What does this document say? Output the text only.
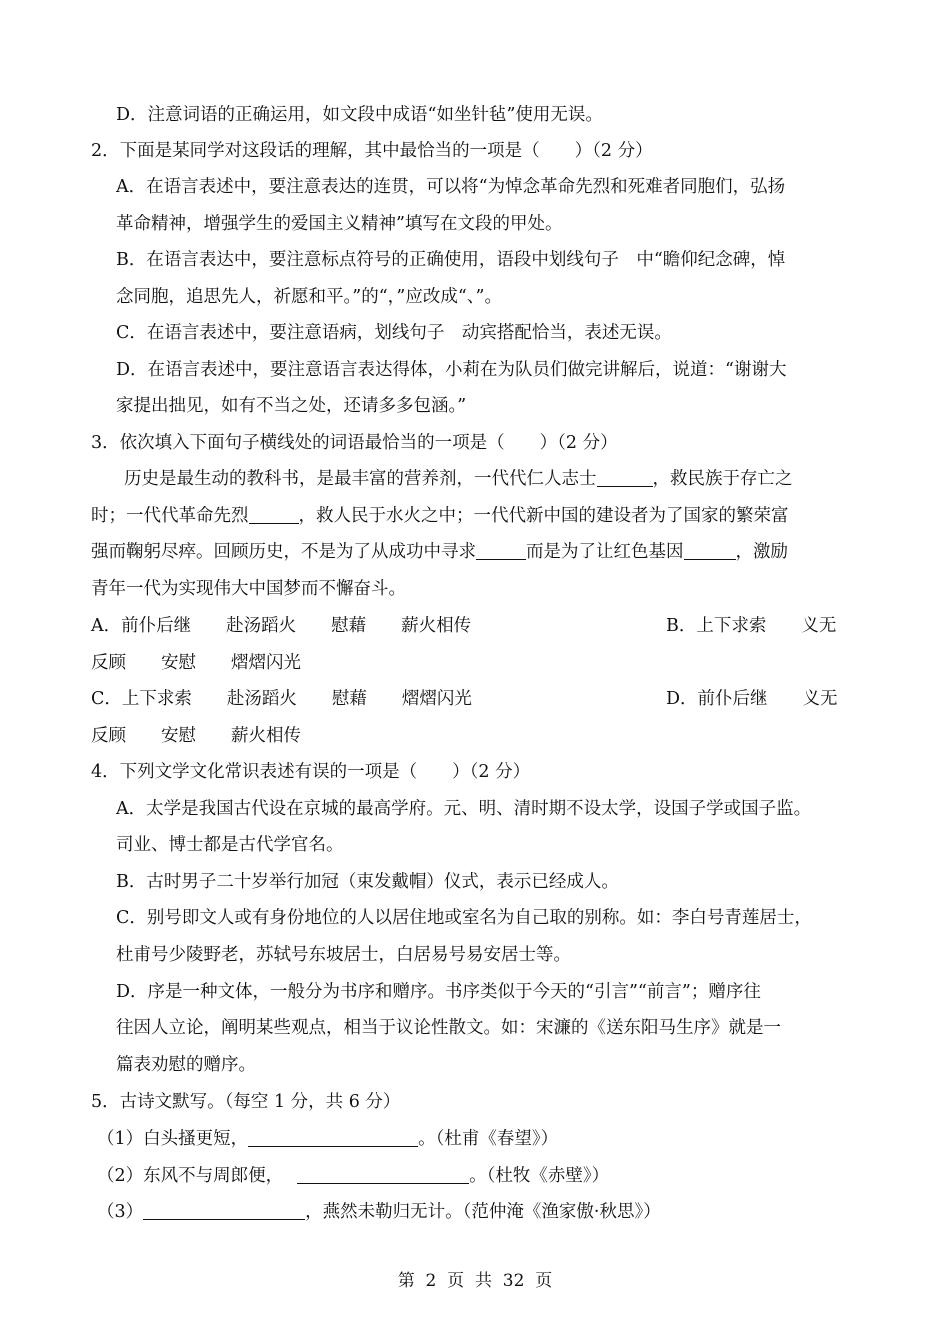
D．注意词语的正确运用，如文段中成语“如坐针毡”使用无误。
2．下面是某同学对这段话的理解，其中最恰当的一项是（　　）（2 分）
A．在语言表述中，要注意表达的连贯，可以将“为悼念革命先烈和死难者同胞们，弘扬
革命精神，增强学生的爱国主义精神”填写在文段的甲处。
B．在语言表达中，要注意标点符号的正确使用，语段中划线句子　中“瞻仰纪念碑，悼
念同胞，追思先人，祈愿和平。”的“，”应改成“、”。
C．在语言表述中，要注意语病，划线句子　动宾搭配恰当，表述无误。
D．在语言表述中，要注意语言表达得体，小莉在为队员们做完讲解后，说道：“谢谢大
家提出拙见，如有不当之处，还请多多包涵。”
3．依次填入下面句子横线处的词语最恰当的一项是（　　）（2 分）
历史是最生动的教科书，是最丰富的营养剂，一代代仁人志士	，救民族于存亡之
时；一代代革命先烈	，救人民于水火之中；一代代新中国的建设者为了国家的繁荣富
强而鞠躬尽瘁。回顾历史，不是为了从成功中寻求	而是为了让红色基因	，激励
青年一代为实现伟大中国梦而不懈奋斗。
A．前仆后继　　赴汤蹈火　　慰藉　　薪火相传	B．上下求索　　义无
反顾　　安慰　　熠熠闪光
C．上下求索　　赴汤蹈火　　慰藉　　熠熠闪光	D．前仆后继　　义无
反顾　　安慰　　薪火相传
4．下列文学文化常识表述有误的一项是（　　）（2 分）
A．太学是我国古代设在京城的最高学府。元、明、清时期不设太学，设国子学或国子监。
司业、博士都是古代学官名。
B．古时男子二十岁举行加冠（束发戴帽）仪式，表示已经成人。
C．别号即文人或有身份地位的人以居住地或室名为自己取的别称。如：李白号青莲居士，
杜甫号少陵野老，苏轼号东坡居士，白居易号易安居士等。
D．序是一种文体，一般分为书序和赠序。书序类似于今天的“引言”“前言”；赠序往
往因人立论，阐明某些观点，相当于议论性散文。如：宋濂的《送东阳马生序》就是一
篇表劝慰的赠序。
5．古诗文默写。（每空 1 分，共 6 分）
（1）白头搔更短，	。（杜甫《春望》）
（2）东风不与周郎便，	。（杜牧《赤壁》）
（3）	，燕然未勒归无计。（范仲淹《渔家傲·秋思》）
第  2  页  共  32  页
